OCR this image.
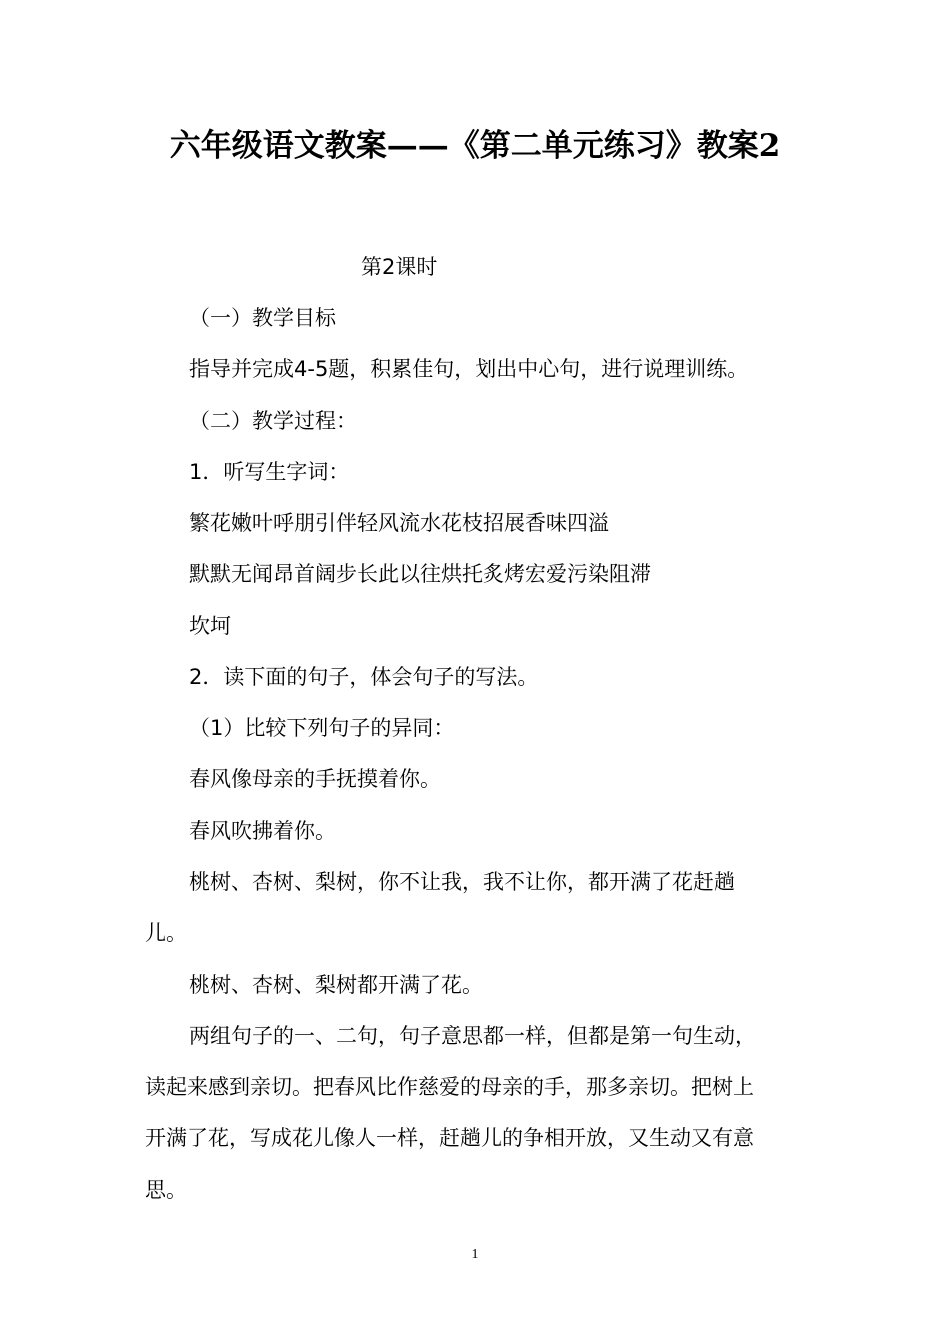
六年级语文教案——《第二单元练习》教案2
第2课时
（一）教学目标
指导并完成4-5题，积累佳句，划出中心句，进行说理训练。
（二）教学过程：
1．听写生字词：
繁花嫩叶呼朋引伴轻风流水花枝招展香味四溢
默默无闻昂首阔步长此以往烘托炙烤宏爱污染阻滞
坎坷
2．读下面的句子，体会句子的写法。
（1）比较下列句子的异同：
春风像母亲的手抚摸着你。
春风吹拂着你。
桃树、杏树、梨树，你不让我，我不让你，都开满了花赶趟
儿。
桃树、杏树、梨树都开满了花。
两组句子的一、二句，句子意思都一样，但都是第一句生动，
读起来感到亲切。把春风比作慈爱的母亲的手，那多亲切。把树上
开满了花，写成花儿像人一样，赶趟儿的争相开放，又生动又有意
思。
1
